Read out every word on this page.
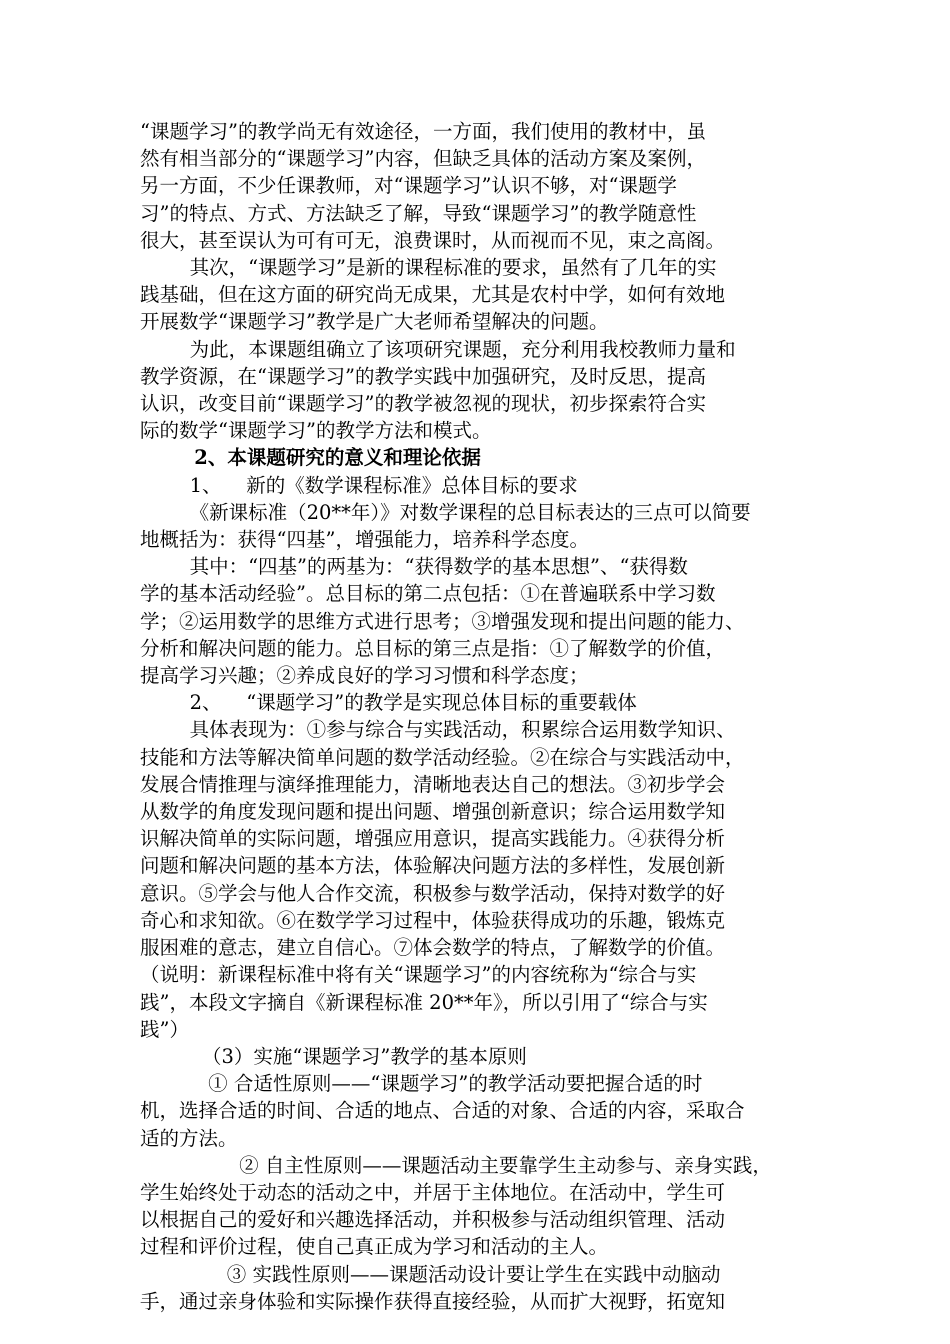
“课题学习”的教学尚无有效途径，一方面，我们使用的教材中，虽
然有相当部分的“课题学习”内容，但缺乏具体的活动方案及案例，
另一方面，不少任课教师，对“课题学习”认识不够，对“课题学
习”的特点、方式、方法缺乏了解，导致“课题学习”的教学随意性
很大，甚至误认为可有可无，浪费课时，从而视而不见，束之高阁。

其次，“课题学习”是新的课程标准的要求，虽然有了几年的实
践基础，但在这方面的研究尚无成果，尤其是农村中学，如何有效地
开展数学“课题学习”教学是广大老师希望解决的问题。

为此，本课题组确立了该项研究课题，充分利用我校教师力量和
教学资源，在“课题学习”的教学实践中加强研究，及时反思，提高
认识，改变目前“课题学习”的教学被忽视的现状，初步探索符合实
际的数学“课题学习”的教学方法和模式。

2、本课题研究的意义和理论依据

1、    新的《数学课程标准》总体目标的要求

《新课标准（20**年）》对数学课程的总目标表达的三点可以简要
地概括为：获得“四基”，增强能力，培养科学态度。

其中：“四基”的两基为：“获得数学的基本思想”、“获得数
学的基本活动经验”。总目标的第二点包括：①在普遍联系中学习数
学；②运用数学的思维方式进行思考；③增强发现和提出问题的能力、
分析和解决问题的能力。总目标的第三点是指：①了解数学的价值，
提高学习兴趣；②养成良好的学习习惯和科学态度；

2、    “课题学习”的教学是实现总体目标的重要载体

具体表现为：①参与综合与实践活动，积累综合运用数学知识、
技能和方法等解决简单问题的数学活动经验。②在综合与实践活动中，
发展合情推理与演绎推理能力，清晰地表达自己的想法。③初步学会
从数学的角度发现问题和提出问题、增强创新意识；综合运用数学知
识解决简单的实际问题，增强应用意识，提高实践能力。④获得分析
问题和解决问题的基本方法，体验解决问题方法的多样性，发展创新
意识。⑤学会与他人合作交流，积极参与数学活动，保持对数学的好
奇心和求知欲。⑥在数学学习过程中，体验获得成功的乐趣，锻炼克
服困难的意志，建立自信心。⑦体会数学的特点，了解数学的价值。

（说明：新课程标准中将有关“课题学习”的内容统称为“综合与实
践”，本段文字摘自《新课程标准 20**年》，所以引用了“综合与实
践”）

（3）实施“课题学习”教学的基本原则

① 合适性原则——“课题学习”的教学活动要把握合适的时
机，选择合适的时间、合适的地点、合适的对象、合适的内容，采取合
适的方法。

② 自主性原则——课题活动主要靠学生主动参与、亲身实践，
学生始终处于动态的活动之中，并居于主体地位。在活动中，学生可
以根据自己的爱好和兴趣选择活动，并积极参与活动组织管理、活动
过程和评价过程，使自己真正成为学习和活动的主人。

③ 实践性原则——课题活动设计要让学生在实践中动脑动
手，通过亲身体验和实际操作获得直接经验，从而扩大视野，拓宽知
